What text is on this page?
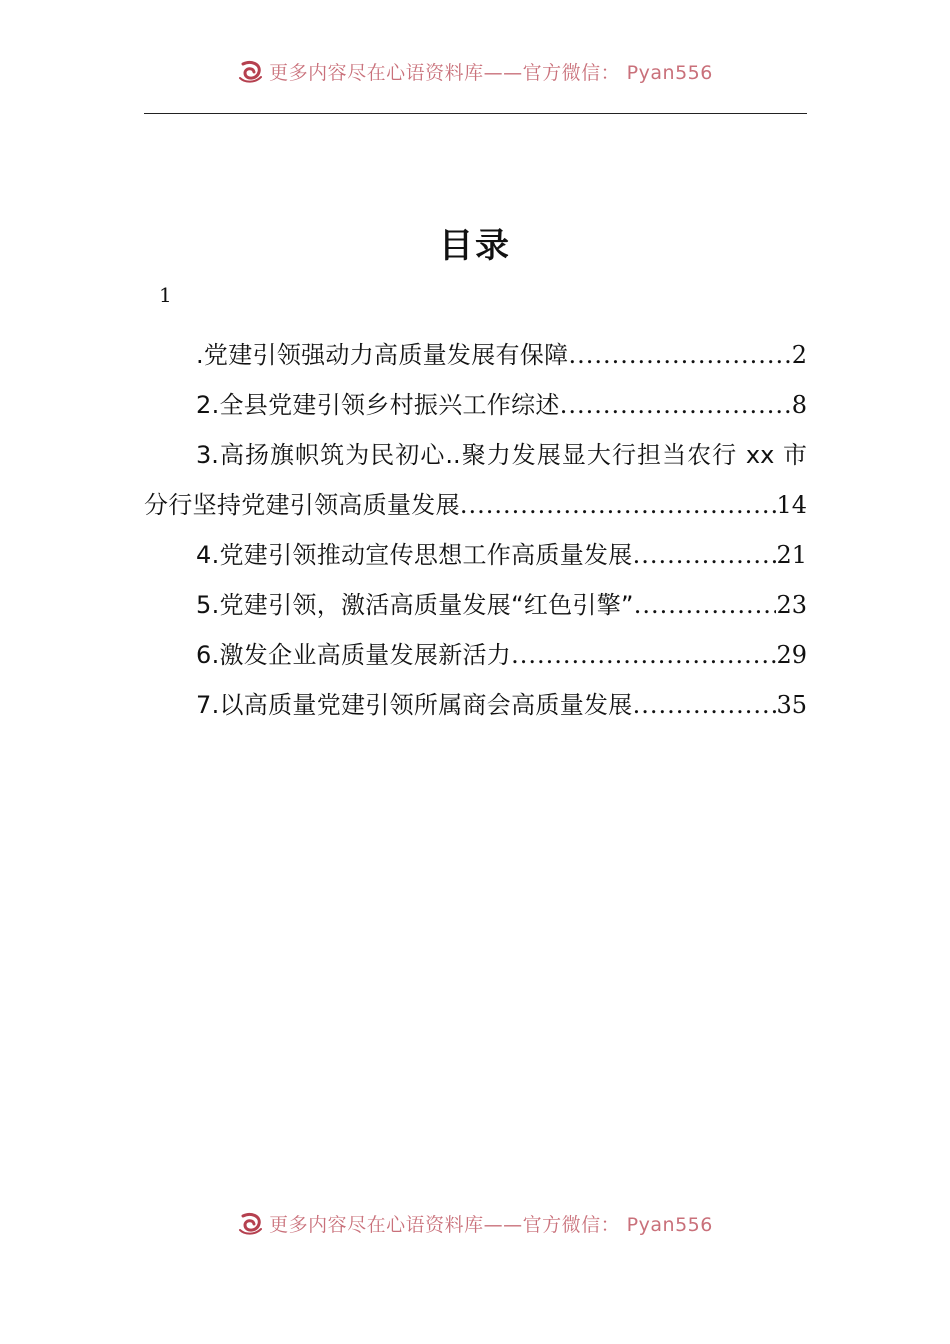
更多内容尽在心语资料库——官方微信： Pyan556
目录
1
.党建引领强动力高质量发展有保障 .....	2
2.全县党建引领乡村振兴工作综述 .....	8
3.高扬旗帜筑为民初心..聚力发展显大行担当农行 xx 市
分行坚持党建引领高质量发展 .....	14
4.党建引领推动宣传思想工作高质量发展 .....	21
5.党建引领，激活高质量发展“红色引擎” .....	23
6.激发企业高质量发展新活力 .....	29
7.以高质量党建引领所属商会高质量发展 .....	35
更多内容尽在心语资料库——官方微信： Pyan556
